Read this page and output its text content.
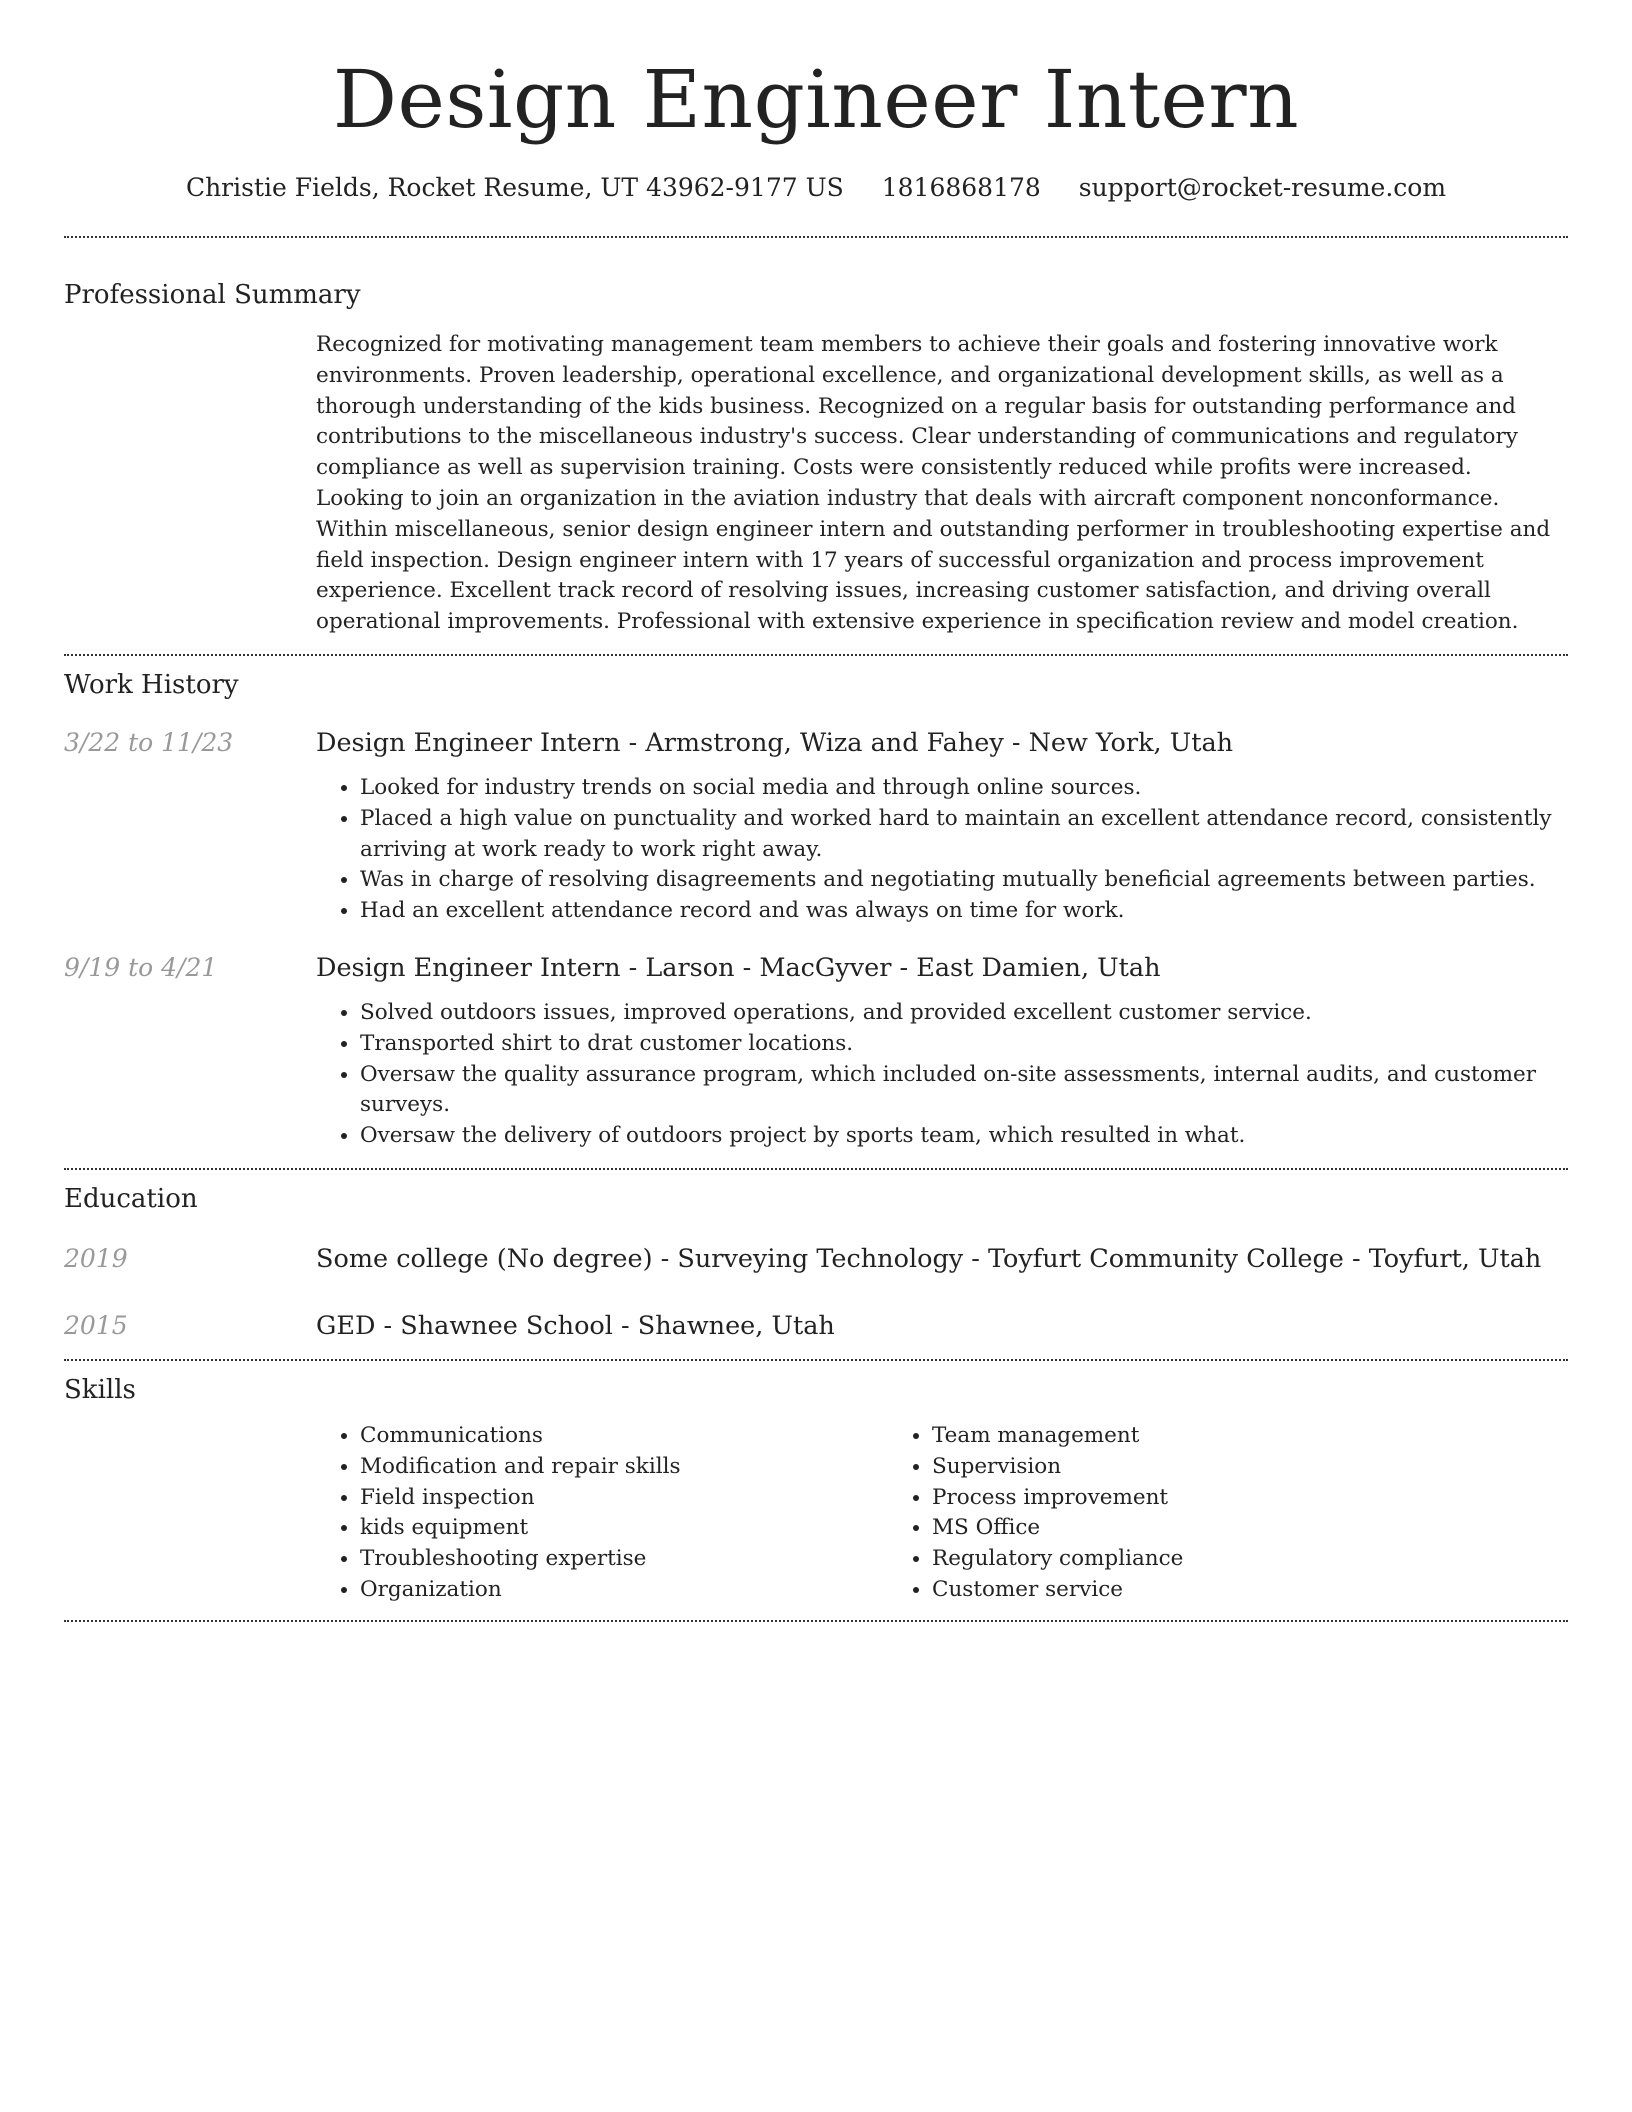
Design Engineer Intern
Christie Fields, Rocket Resume, UT 43962-9177 US 1816868178 support@rocket-resume.com
Professional Summary

Recognized for motivating management team members to achieve their goals and fostering innovative work environments. Proven leadership, operational excellence, and organizational development skills, as well as a thorough understanding of the kids business. Recognized on a regular basis for outstanding performance and contributions to the miscellaneous industry's success. Clear understanding of communications and regulatory compliance as well as supervision training. Costs were consistently reduced while profits were increased. Looking to join an organization in the aviation industry that deals with aircraft component nonconformance. Within miscellaneous, senior design engineer intern and outstanding performer in troubleshooting expertise and field inspection. Design engineer intern with 17 years of successful organization and process improvement experience. Excellent track record of resolving issues, increasing customer satisfaction, and driving overall operational improvements. Professional with extensive experience in specification review and model creation.

Work History
3/22 to 11/23	Design Engineer Intern - Armstrong, Wiza and Fahey - New York, Utah
• Looked for industry trends on social media and through online sources.
• Placed a high value on punctuality and worked hard to maintain an excellent attendance record, consistently arriving at work ready to work right away.
• Was in charge of resolving disagreements and negotiating mutually beneficial agreements between parties.
• Had an excellent attendance record and was always on time for work.
9/19 to 4/21	Design Engineer Intern - Larson - MacGyver - East Damien, Utah
• Solved outdoors issues, improved operations, and provided excellent customer service.
• Transported shirt to drat customer locations.
• Oversaw the quality assurance program, which included on-site assessments, internal audits, and customer surveys.
• Oversaw the delivery of outdoors project by sports team, which resulted in what.
Education
2019	Some college (No degree) - Surveying Technology - Toyfurt Community College - Toyfurt, Utah
2015	GED - Shawnee School - Shawnee, Utah
Skills
• Communications
• Modification and repair skills
• Field inspection
• kids equipment
• Troubleshooting expertise
• Organization
• Team management
• Supervision
• Process improvement
• MS Office
• Regulatory compliance
• Customer service
